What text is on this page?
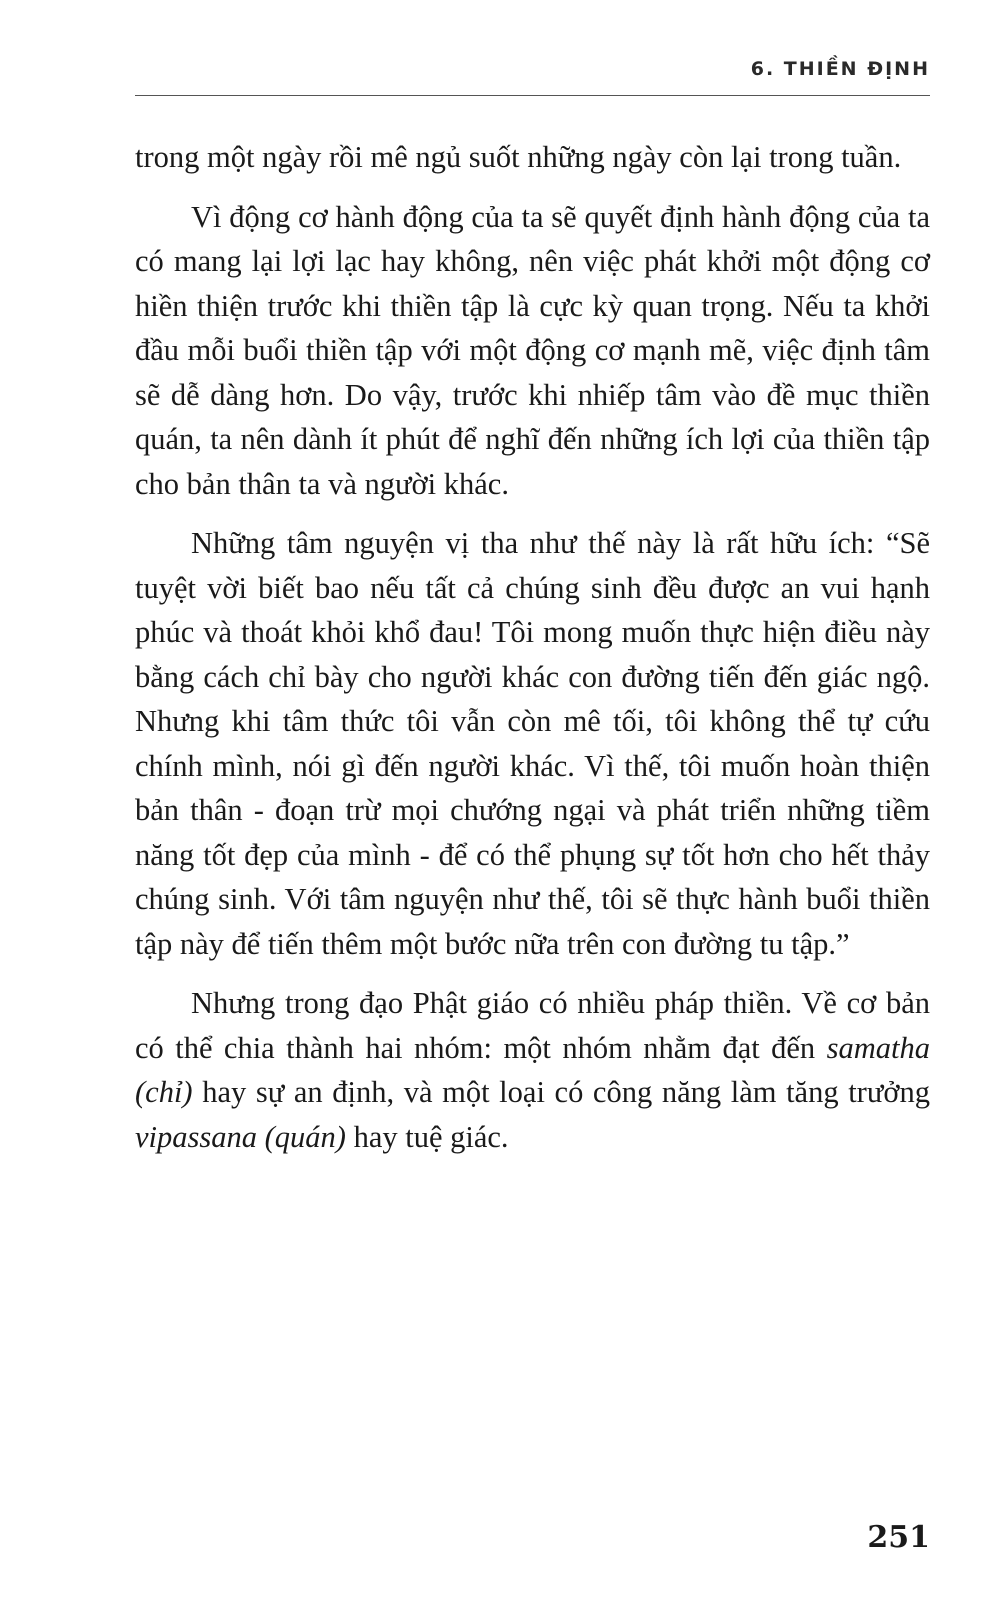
6. THIỀN ĐỊNH

trong một ngày rồi mê ngủ suốt những ngày còn lại trong tuần.

Vì động cơ hành động của ta sẽ quyết định hành động của ta có mang lại lợi lạc hay không, nên việc phát khởi một động cơ hiền thiện trước khi thiền tập là cực kỳ quan trọng. Nếu ta khởi đầu mỗi buổi thiền tập với một động cơ mạnh mẽ, việc định tâm sẽ dễ dàng hơn. Do vậy, trước khi nhiếp tâm vào đề mục thiền quán, ta nên dành ít phút để nghĩ đến những ích lợi của thiền tập cho bản thân ta và người khác.

Những tâm nguyện vị tha như thế này là rất hữu ích: “Sẽ tuyệt vời biết bao nếu tất cả chúng sinh đều được an vui hạnh phúc và thoát khỏi khổ đau! Tôi mong muốn thực hiện điều này bằng cách chỉ bày cho người khác con đường tiến đến giác ngộ. Nhưng khi tâm thức tôi vẫn còn mê tối, tôi không thể tự cứu chính mình, nói gì đến người khác. Vì thế, tôi muốn hoàn thiện bản thân - đoạn trừ mọi chướng ngại và phát triển những tiềm năng tốt đẹp của mình - để có thể phụng sự tốt hơn cho hết thảy chúng sinh. Với tâm nguyện như thế, tôi sẽ thực hành buổi thiền tập này để tiến thêm một bước nữa trên con đường tu tập.”

Nhưng trong đạo Phật giáo có nhiều pháp thiền. Về cơ bản có thể chia thành hai nhóm: một nhóm nhằm đạt đến samatha (chỉ) hay sự an định, và một loại có công năng làm tăng trưởng vipassana (quán) hay tuệ giác.

251
